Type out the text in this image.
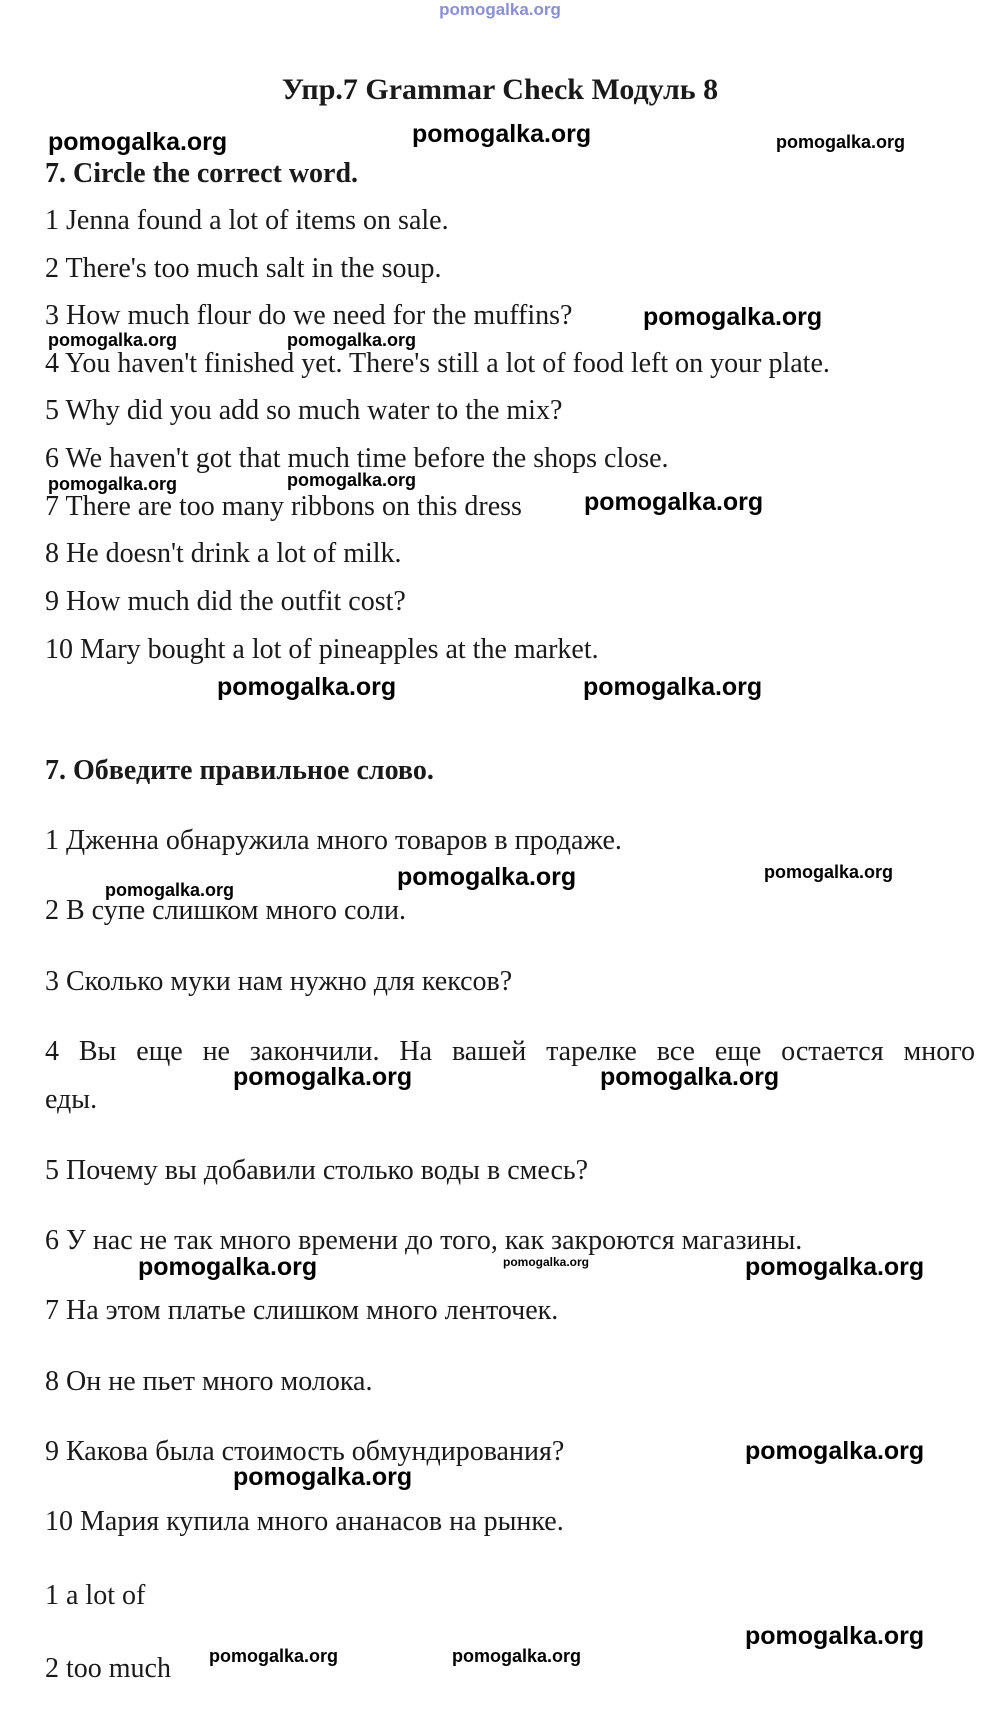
pomogalka.org
Упр.7 Grammar Check Модуль 8
pomogalka.org	pomogalka.org	pomogalka.org
7. Circle the correct word.
1 Jenna found a lot of items on sale.
2 There's too much salt in the soup.
3 How much flour do we need for the muffins?	pomogalka.org
pomogalka.org	pomogalka.org
4 You haven't finished yet. There's still a lot of food left on your plate.
5 Why did you add so much water to the mix?
6 We haven't got that much time before the shops close.
pomogalka.org	pomogalka.org
7 There are too many ribbons on this dress pomogalka.org
8 He doesn't drink a lot of milk.
9 How much did the outfit cost?
10 Mary bought a lot of pineapples at the market.
pomogalka.org	pomogalka.org
7. Обведите правильное слово.
1 Дженна обнаружила много товаров в продаже.
pomogalka.org	pomogalka.org
pomogalka.org
2 В супе слишком много соли.
3 Сколько муки нам нужно для кексов?
4 Вы еще не закончили. На вашей тарелке все еще остается много
pomogalka.org	pomogalka.org
еды.
5 Почему вы добавили столько воды в смесь?
6 У нас не так много времени до того, как закроются магазины.
pomogalka.org	pomogalka.org	pomogalka.org
7 На этом платье слишком много ленточек.
8 Он не пьет много молока.
9 Какова была стоимость обмундирования?	pomogalka.org
pomogalka.org
10 Мария купила много ананасов на рынке.
1 a lot of
pomogalka.org
pomogalka.org	pomogalka.org
2 too much
